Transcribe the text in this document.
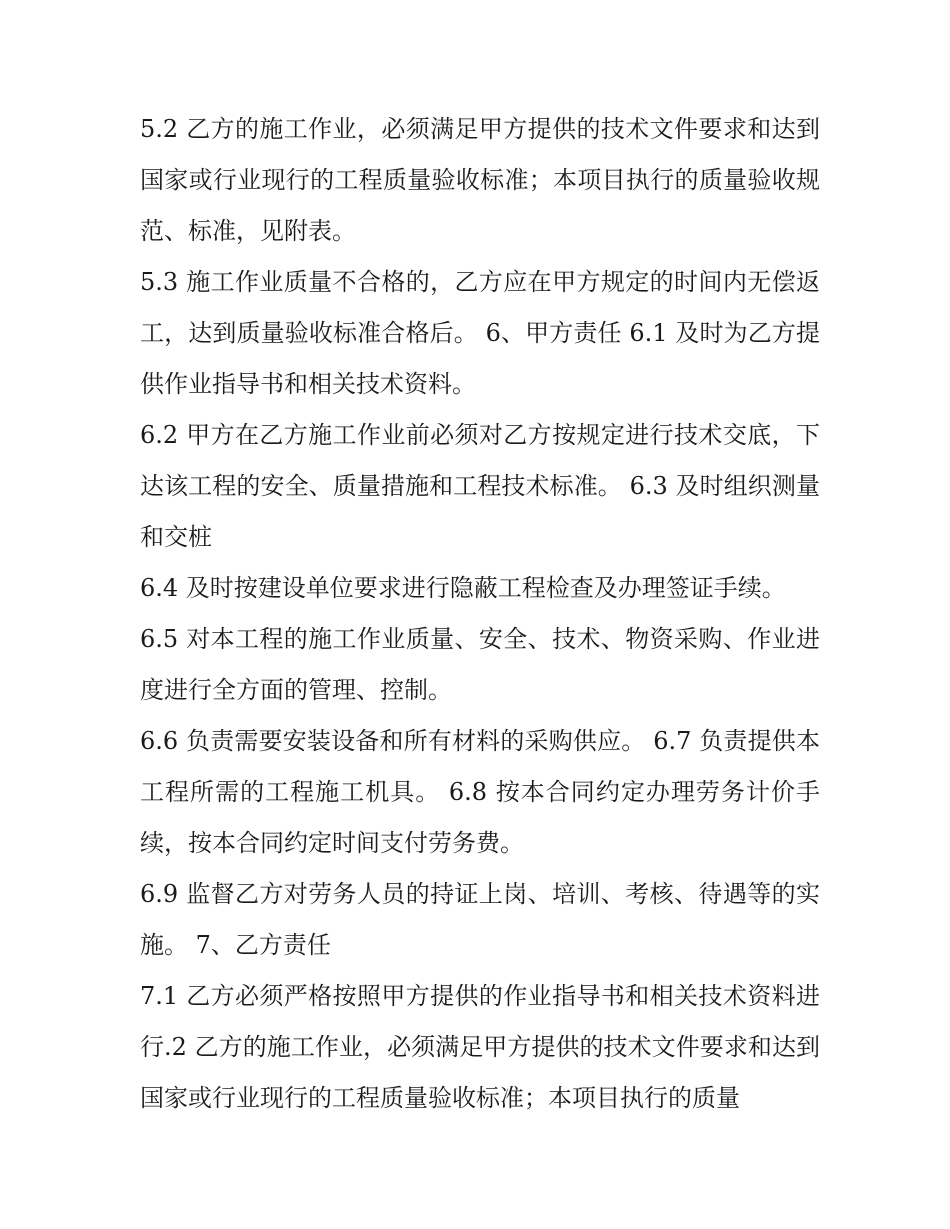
5.2 乙方的施工作业，必须满足甲方提供的技术文件要求和达到国家或行业现行的工程质量验收标准；本项目执行的质量验收规范、标准，见附表。

5.3 施工作业质量不合格的，乙方应在甲方规定的时间内无偿返工，达到质量验收标准合格后。 6、甲方责任 6.1 及时为乙方提供作业指导书和相关技术资料。

6.2 甲方在乙方施工作业前必须对乙方按规定进行技术交底，下达该工程的安全、质量措施和工程技术标准。 6.3 及时组织测量和交桩

6.4 及时按建设单位要求进行隐蔽工程检查及办理签证手续。

6.5 对本工程的施工作业质量、安全、技术、物资采购、作业进度进行全方面的管理、控制。

6.6 负责需要安装设备和所有材料的采购供应。 6.7 负责提供本工程所需的工程施工机具。 6.8 按本合同约定办理劳务计价手续，按本合同约定时间支付劳务费。

6.9 监督乙方对劳务人员的持证上岗、培训、考核、待遇等的实施。 7、乙方责任

7.1 乙方必须严格按照甲方提供的作业指导书和相关技术资料进行.2 乙方的施工作业，必须满足甲方提供的技术文件要求和达到国家或行业现行的工程质量验收标准；本项目执行的质量
